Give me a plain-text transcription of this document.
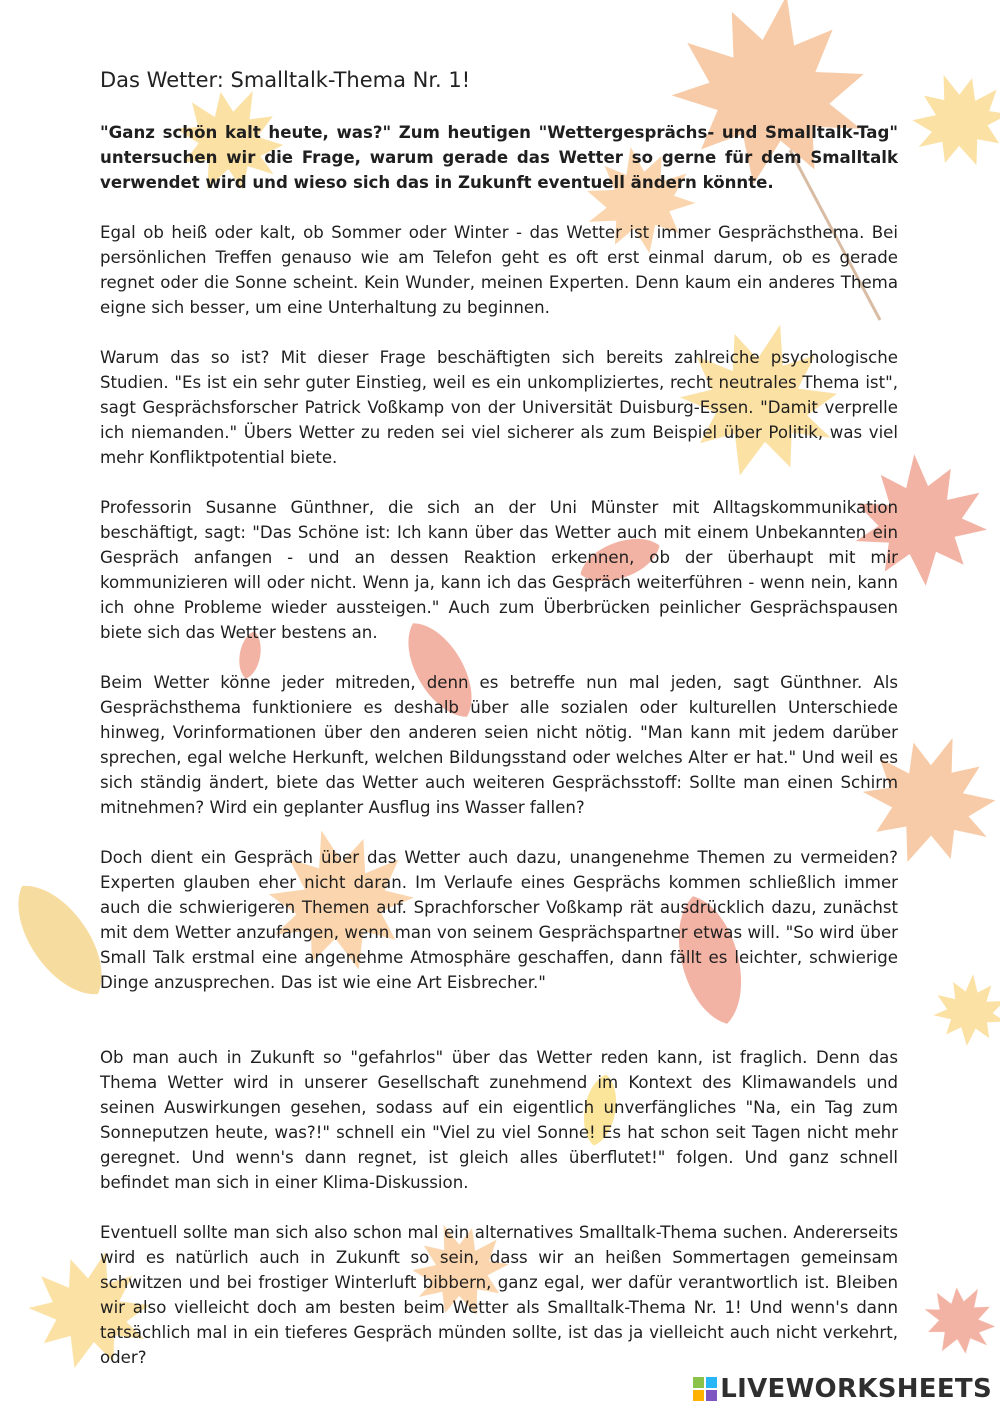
Das Wetter: Smalltalk-Thema Nr. 1!

"Ganz schön kalt heute, was?" Zum heutigen "Wettergesprächs- und Smalltalk-Tag" untersuchen wir die Frage, warum gerade das Wetter so gerne für dem Smalltalk verwendet wird und wieso sich das in Zukunft eventuell ändern könnte.

Egal ob heiß oder kalt, ob Sommer oder Winter - das Wetter ist immer Gesprächsthema. Bei persönlichen Treffen genauso wie am Telefon geht es oft erst einmal darum, ob es gerade regnet oder die Sonne scheint. Kein Wunder, meinen Experten. Denn kaum ein anderes Thema eigne sich besser, um eine Unterhaltung zu beginnen.

Warum das so ist? Mit dieser Frage beschäftigten sich bereits zahlreiche psychologische Studien. "Es ist ein sehr guter Einstieg, weil es ein unkompliziertes, recht neutrales Thema ist", sagt Gesprächsforscher Patrick Voßkamp von der Universität Duisburg-Essen. "Damit verprelle ich niemanden." Übers Wetter zu reden sei viel sicherer als zum Beispiel über Politik, was viel mehr Konfliktpotential biete.

Professorin Susanne Günthner, die sich an der Uni Münster mit Alltagskommunikation beschäftigt, sagt: "Das Schöne ist: Ich kann über das Wetter auch mit einem Unbekannten ein Gespräch anfangen - und an dessen Reaktion erkennen, ob der überhaupt mit mir kommunizieren will oder nicht. Wenn ja, kann ich das Gespräch weiterführen - wenn nein, kann ich ohne Probleme wieder aussteigen." Auch zum Überbrücken peinlicher Gesprächspausen biete sich das Wetter bestens an.

Beim Wetter könne jeder mitreden, denn es betreffe nun mal jeden, sagt Günthner. Als Gesprächsthema funktioniere es deshalb über alle sozialen oder kulturellen Unterschiede hinweg, Vorinformationen über den anderen seien nicht nötig. "Man kann mit jedem darüber sprechen, egal welche Herkunft, welchen Bildungsstand oder welches Alter er hat." Und weil es sich ständig ändert, biete das Wetter auch weiteren Gesprächsstoff: Sollte man einen Schirm mitnehmen? Wird ein geplanter Ausflug ins Wasser fallen?

Doch dient ein Gespräch über das Wetter auch dazu, unangenehme Themen zu vermeiden? Experten glauben eher nicht daran. Im Verlaufe eines Gesprächs kommen schließlich immer auch die schwierigeren Themen auf. Sprachforscher Voßkamp rät ausdrücklich dazu, zunächst mit dem Wetter anzufangen, wenn man von seinem Gesprächspartner etwas will. "So wird über Small Talk erstmal eine angenehme Atmosphäre geschaffen, dann fällt es leichter, schwierige Dinge anzusprechen. Das ist wie eine Art Eisbrecher."

Ob man auch in Zukunft so "gefahrlos" über das Wetter reden kann, ist fraglich. Denn das Thema Wetter wird in unserer Gesellschaft zunehmend im Kontext des Klimawandels und seinen Auswirkungen gesehen, sodass auf ein eigentlich unverfängliches "Na, ein Tag zum Sonneputzen heute, was?!" schnell ein "Viel zu viel Sonne! Es hat schon seit Tagen nicht mehr geregnet. Und wenn's dann regnet, ist gleich alles überflutet!" folgen. Und ganz schnell befindet man sich in einer Klima-Diskussion.

Eventuell sollte man sich also schon mal ein alternatives Smalltalk-Thema suchen. Andererseits wird es natürlich auch in Zukunft so sein, dass wir an heißen Sommertagen gemeinsam schwitzen und bei frostiger Winterluft bibbern, ganz egal, wer dafür verantwortlich ist. Bleiben wir also vielleicht doch am besten beim Wetter als Smalltalk-Thema Nr. 1! Und wenn's dann tatsächlich mal in ein tieferes Gespräch münden sollte, ist das ja vielleicht auch nicht verkehrt, oder?

LIVEWORKSHEETS
